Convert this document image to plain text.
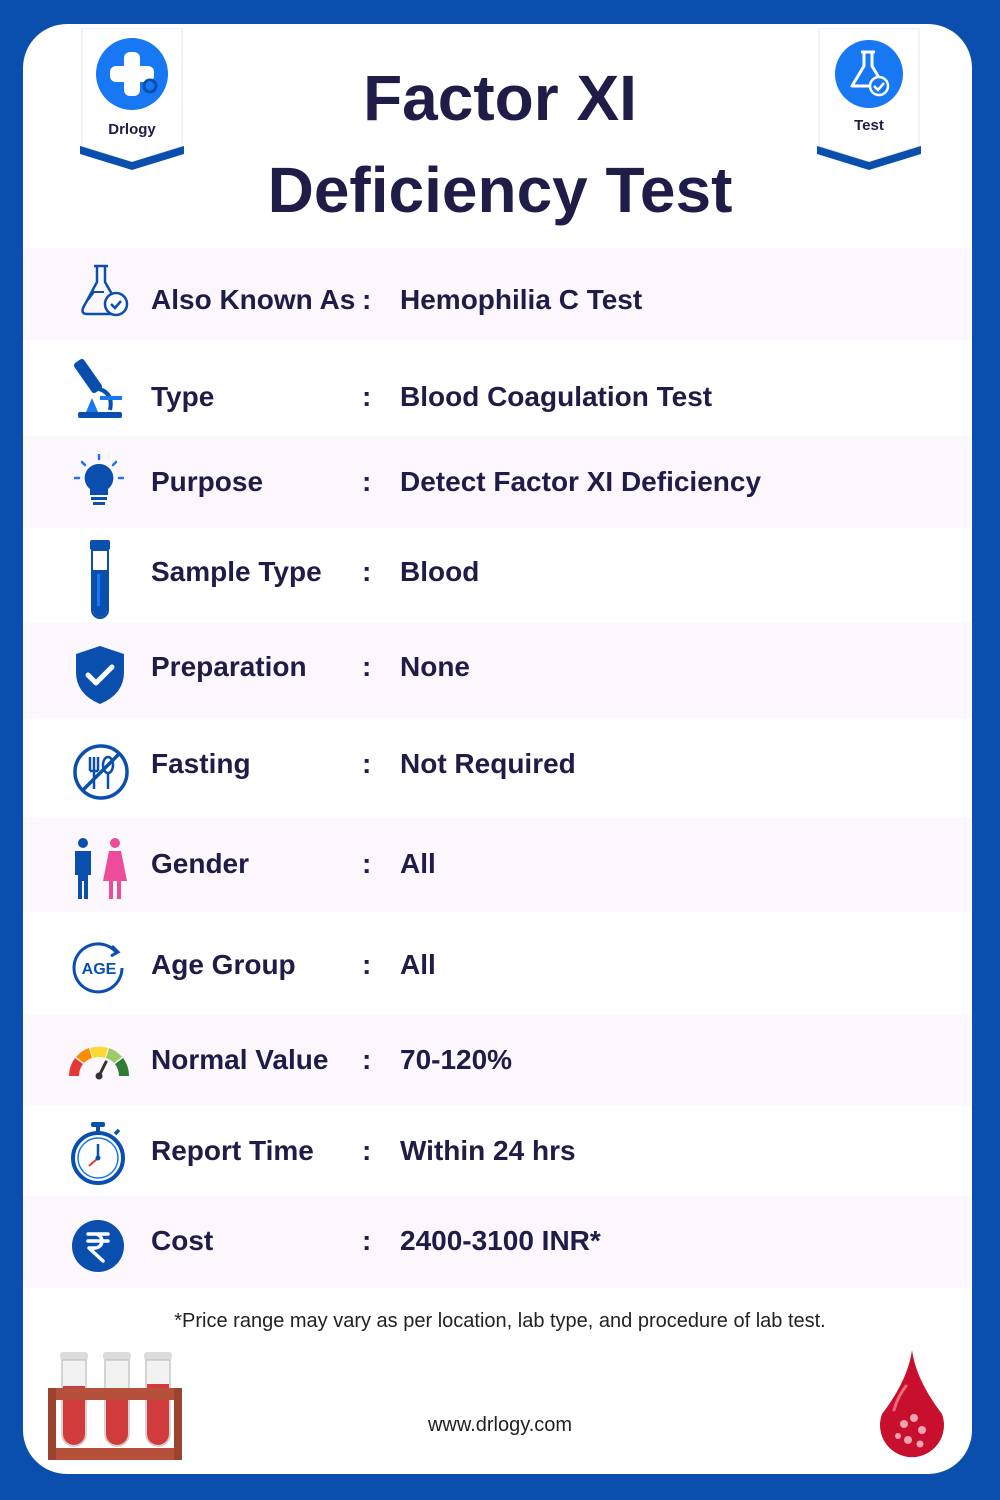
Drlogy	Test
Factor XI
Deficiency Test
Also Known As : Hemophilia C Test
Type	: Blood Coagulation Test
Purpose	: Detect Factor XI Deficiency
Sample Type : Blood
Preparation : None
Fasting	: Not Required
Gender	: All
AGE Age Group : All
Normal Value : 70-120%
Report Time : Within 24 hrs
Cost	: 2400-3100 INR*
*Price range may vary as per location, lab type, and procedure of lab test.
www.drlogy.com
